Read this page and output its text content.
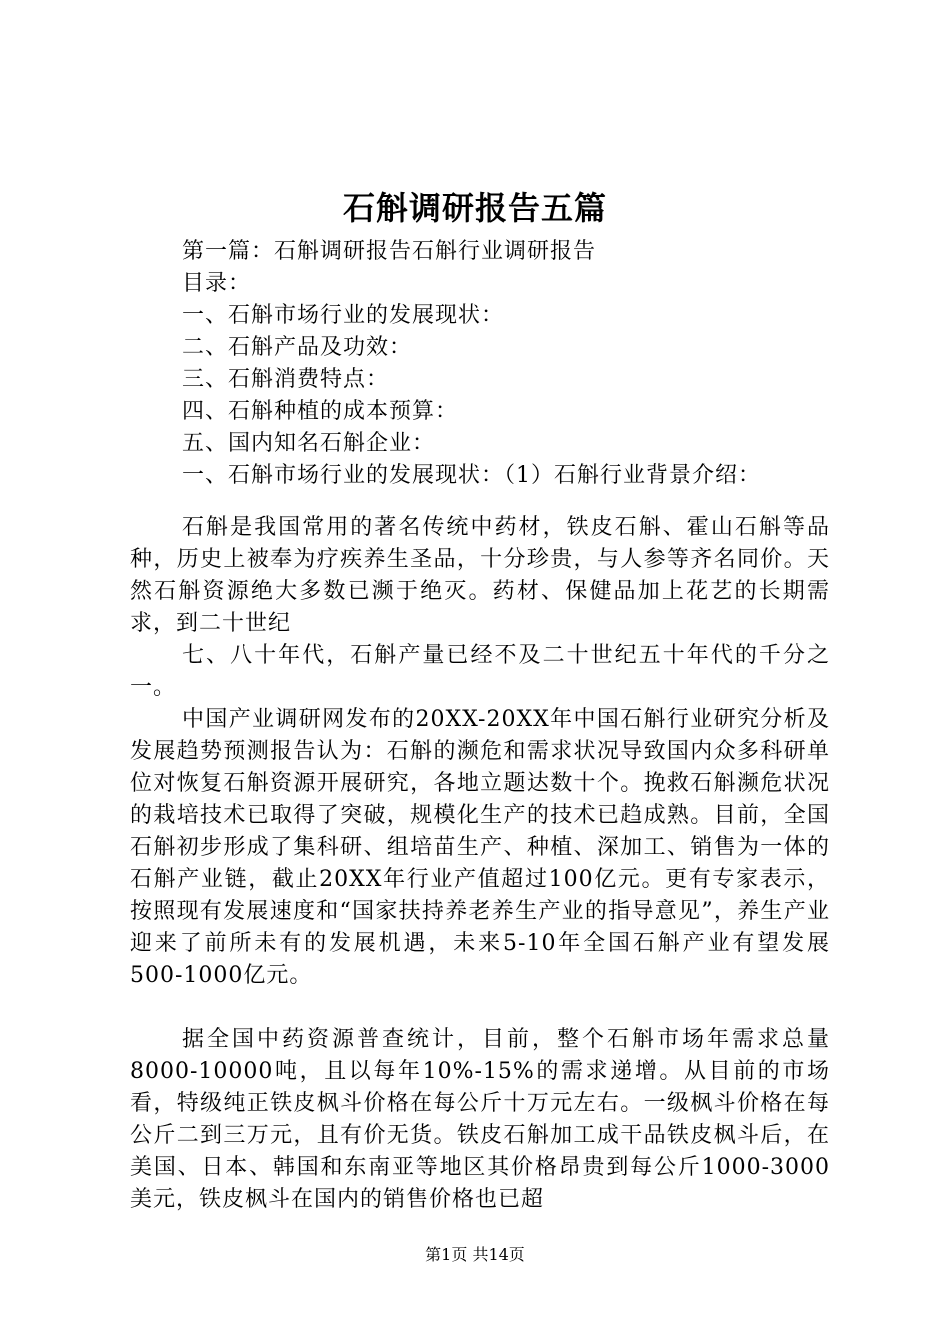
石斛调研报告五篇
第一篇：石斛调研报告石斛行业调研报告
目录：
一、石斛市场行业的发展现状：
二、石斛产品及功效：
三、石斛消费特点：
四、石斛种植的成本预算：
五、国内知名石斛企业：
一、石斛市场行业的发展现状：（1）石斛行业背景介绍：

石斛是我国常用的著名传统中药材，铁皮石斛、霍山石斛等品种，历史上被奉为疗疾养生圣品，十分珍贵，与人参等齐名同价。天然石斛资源绝大多数已濒于绝灭。药材、保健品加上花艺的长期需求，到二十世纪

七、八十年代，石斛产量已经不及二十世纪五十年代的千分之一。

中国产业调研网发布的20XX-20XX年中国石斛行业研究分析及发展趋势预测报告认为：石斛的濒危和需求状况导致国内众多科研单位对恢复石斛资源开展研究，各地立题达数十个。挽救石斛濒危状况的栽培技术已取得了突破，规模化生产的技术已趋成熟。目前，全国石斛初步形成了集科研、组培苗生产、种植、深加工、销售为一体的石斛产业链，截止20XX年行业产值超过100亿元。更有专家表示，按照现有发展速度和“国家扶持养老养生产业的指导意见”，养生产业迎来了前所未有的发展机遇，未来5-10年全国石斛产业有望发展500-1000亿元。

据全国中药资源普查统计，目前，整个石斛市场年需求总量8000-10000吨，且以每年10%-15%的需求递增。从目前的市场看，特级纯正铁皮枫斗价格在每公斤十万元左右。一级枫斗价格在每公斤二到三万元，且有价无货。铁皮石斛加工成干品铁皮枫斗后，在美国、日本、韩国和东南亚等地区其价格昂贵到每公斤1000-3000美元，铁皮枫斗在国内的销售价格也已超

第1页 共14页
